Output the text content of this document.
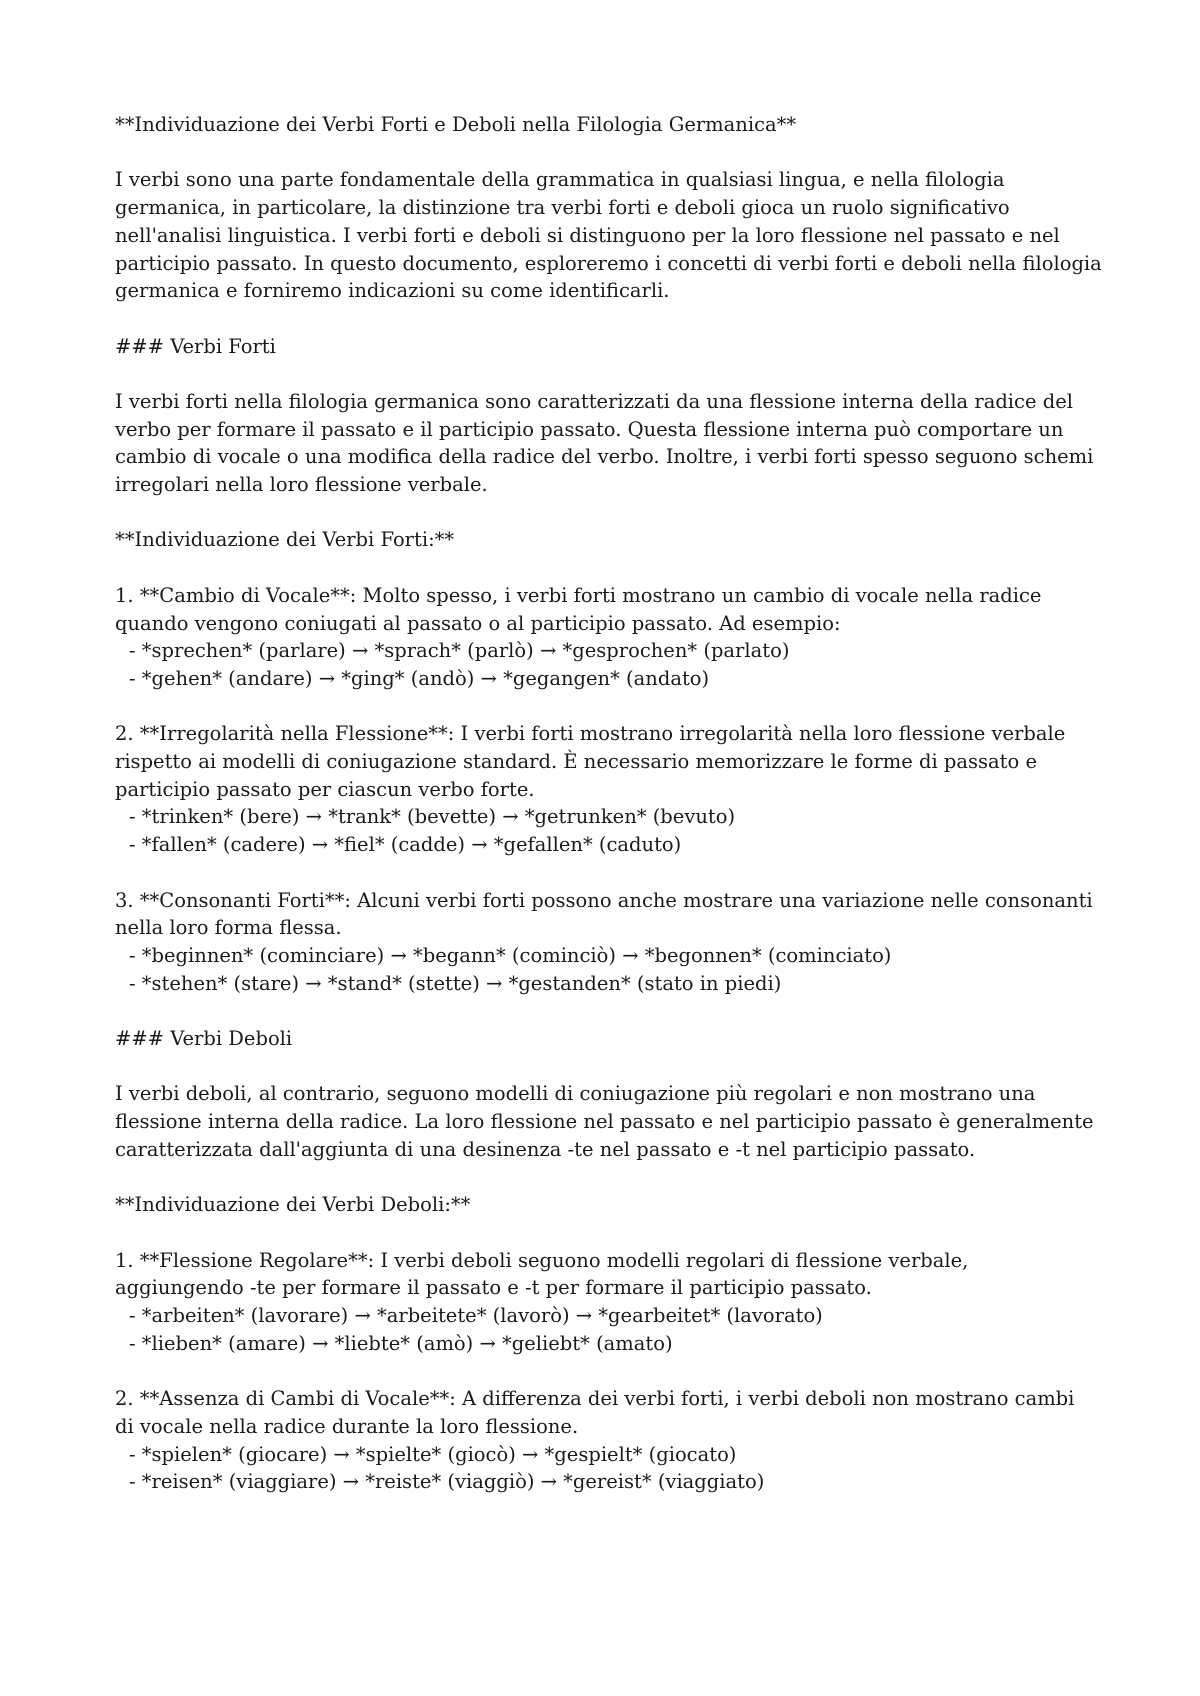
**Individuazione dei Verbi Forti e Deboli nella Filologia Germanica**

I verbi sono una parte fondamentale della grammatica in qualsiasi lingua, e nella filologia

germanica, in particolare, la distinzione tra verbi forti e deboli gioca un ruolo significativo

nell'analisi linguistica. I verbi forti e deboli si distinguono per la loro flessione nel passato e nel

participio passato. In questo documento, esploreremo i concetti di verbi forti e deboli nella filologia

germanica e forniremo indicazioni su come identificarli.

### Verbi Forti

I verbi forti nella filologia germanica sono caratterizzati da una flessione interna della radice del

verbo per formare il passato e il participio passato. Questa flessione interna può comportare un

cambio di vocale o una modifica della radice del verbo. Inoltre, i verbi forti spesso seguono schemi

irregolari nella loro flessione verbale.

**Individuazione dei Verbi Forti:**

1. **Cambio di Vocale**: Molto spesso, i verbi forti mostrano un cambio di vocale nella radice

quando vengono coniugati al passato o al participio passato. Ad esempio:

- *sprechen* (parlare) → *sprach* (parlò) → *gesprochen* (parlato)

- *gehen* (andare) → *ging* (andò) → *gegangen* (andato)

2. **Irregolarità nella Flessione**: I verbi forti mostrano irregolarità nella loro flessione verbale

rispetto ai modelli di coniugazione standard. È necessario memorizzare le forme di passato e

participio passato per ciascun verbo forte.

- *trinken* (bere) → *trank* (bevette) → *getrunken* (bevuto)

- *fallen* (cadere) → *fiel* (cadde) → *gefallen* (caduto)

3. **Consonanti Forti**: Alcuni verbi forti possono anche mostrare una variazione nelle consonanti

nella loro forma flessa.

- *beginnen* (cominciare) → *begann* (cominciò) → *begonnen* (cominciato)

- *stehen* (stare) → *stand* (stette) → *gestanden* (stato in piedi)

### Verbi Deboli

I verbi deboli, al contrario, seguono modelli di coniugazione più regolari e non mostrano una

flessione interna della radice. La loro flessione nel passato e nel participio passato è generalmente

caratterizzata dall'aggiunta di una desinenza -te nel passato e -t nel participio passato.

**Individuazione dei Verbi Deboli:**

1. **Flessione Regolare**: I verbi deboli seguono modelli regolari di flessione verbale,

aggiungendo -te per formare il passato e -t per formare il participio passato.

- *arbeiten* (lavorare) → *arbeitete* (lavorò) → *gearbeitet* (lavorato)

- *lieben* (amare) → *liebte* (amò) → *geliebt* (amato)

2. **Assenza di Cambi di Vocale**: A differenza dei verbi forti, i verbi deboli non mostrano cambi

di vocale nella radice durante la loro flessione.

- *spielen* (giocare) → *spielte* (giocò) → *gespielt* (giocato)

- *reisen* (viaggiare) → *reiste* (viaggiò) → *gereist* (viaggiato)
